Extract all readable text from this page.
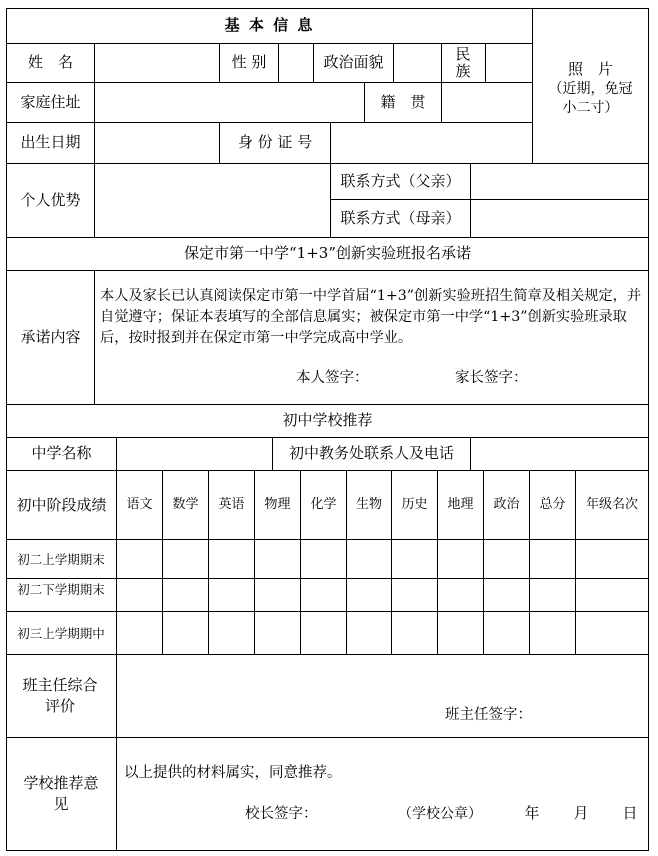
基 本 信 息
姓　名	性 别	政治面貌	民族	照　片
（近期，免冠小二寸）
家庭住址	籍　贯
出生日期	身 份 证 号
个人优势
联系方式（父亲）
联系方式（母亲）
保定市第一中学“1+3”创新实验班报名承诺
承诺内容
本人及家长已认真阅读保定市第一中学首届“1+3”创新实验班招生简章及相关规定，并自觉遵守；保证本表填写的全部信息属实；被保定市第一中学“1+3”创新实验班录取后，按时报到并在保定市第一中学完成高中学业。
本人签字：	家长签字：
初中学校推荐
中学名称	初中教务处联系人及电话
初中阶段成绩	语文	数学	英语	物理	化学	生物	历史	地理	政治	总分	年级名次
初二上学期期末
初二下学期期末
初三上学期期中
班主任综合评价	班主任签字：
学校推荐意见
以上提供的材料属实，同意推荐。
校长签字：	（学校公章）	年 月 日
